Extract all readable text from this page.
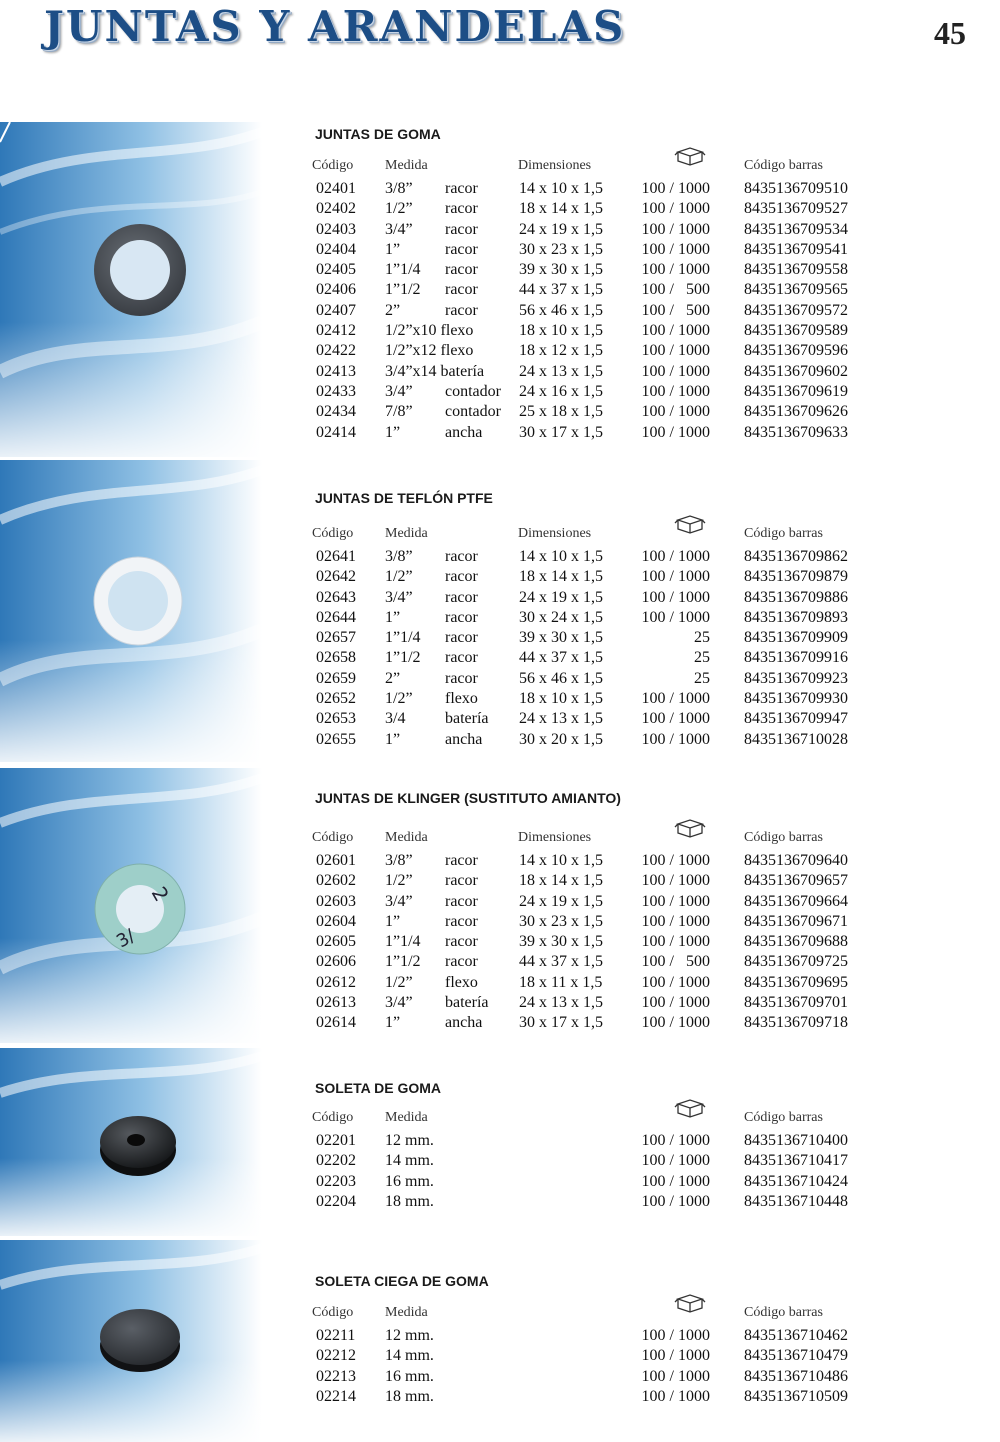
JUNTAS Y ARANDELAS	45
2
3/
JUNTAS DE GOMA
JUNTAS DE TEFLÓN PTFE
JUNTAS DE KLINGER (SUSTITUTO AMIANTO)
SOLETA DE GOMA
SOLETA CIEGA DE GOMA
Código Medida	Dimensiones	Código barras
02401 3/8” racor	14 x 10 x 1,5	100 / 1000 8435136709510
02402 1/2” racor	18 x 14 x 1,5	100 / 1000 8435136709527
02403 3/4” racor	24 x 19 x 1,5	100 / 1000 8435136709534
02404 1”	racor	30 x 23 x 1,5	100 / 1000 8435136709541
02405 1”1/4 racor	39 x 30 x 1,5	100 / 1000 8435136709558
02406 1”1/2 racor	44 x 37 x 1,5	100 /   500 8435136709565
02407 2”	racor	56 x 46 x 1,5	100 /   500 8435136709572
02412 1/2”x10 flexo	18 x 10 x 1,5	100 / 1000 8435136709589
02422 1/2”x12 flexo	18 x 12 x 1,5	100 / 1000 8435136709596
02413 3/4”x14 batería 24 x 13 x 1,5	100 / 1000 8435136709602
02433 3/4” contador 24 x 16 x 1,5	100 / 1000 8435136709619
02434 7/8” contador 25 x 18 x 1,5	100 / 1000 8435136709626
02414 1”	ancha 30 x 17 x 1,5	100 / 1000 8435136709633
Código Medida	Dimensiones	Código barras
02641 3/8” racor	14 x 10 x 1,5	100 / 1000 8435136709862
02642 1/2” racor	18 x 14 x 1,5	100 / 1000 8435136709879
02643 3/4” racor	24 x 19 x 1,5	100 / 1000 8435136709886
02644 1”	racor	30 x 24 x 1,5	100 / 1000 8435136709893
02657 1”1/4 racor	39 x 30 x 1,5	25 8435136709909
02658 1”1/2 racor	44 x 37 x 1,5	25 8435136709916
02659 2”	racor	56 x 46 x 1,5	25 8435136709923
02652 1/2” flexo	18 x 10 x 1,5	100 / 1000 8435136709930
02653 3/4 batería 24 x 13 x 1,5	100 / 1000 8435136709947
02655 1”	ancha 30 x 20 x 1,5	100 / 1000 8435136710028
Código Medida	Dimensiones	Código barras
02601 3/8” racor	14 x 10 x 1,5	100 / 1000 8435136709640
02602 1/2” racor	18 x 14 x 1,5	100 / 1000 8435136709657
02603 3/4” racor	24 x 19 x 1,5	100 / 1000 8435136709664
02604 1”	racor	30 x 23 x 1,5	100 / 1000 8435136709671
02605 1”1/4 racor	39 x 30 x 1,5	100 / 1000 8435136709688
02606 1”1/2 racor	44 x 37 x 1,5	100 /   500 8435136709725
02612 1/2” flexo	18 x 11 x 1,5	100 / 1000 8435136709695
02613 3/4” batería 24 x 13 x 1,5	100 / 1000 8435136709701
02614 1”	ancha 30 x 17 x 1,5	100 / 1000 8435136709718
Código Medida	Código barras
02201 12 mm.	100 / 1000 8435136710400
02202 14 mm.	100 / 1000 8435136710417
02203 16 mm.	100 / 1000 8435136710424
02204 18 mm.	100 / 1000 8435136710448
Código Medida	Código barras
02211 12 mm.	100 / 1000 8435136710462
02212 14 mm.	100 / 1000 8435136710479
02213 16 mm.	100 / 1000 8435136710486
02214 18 mm.	100 / 1000 8435136710509
